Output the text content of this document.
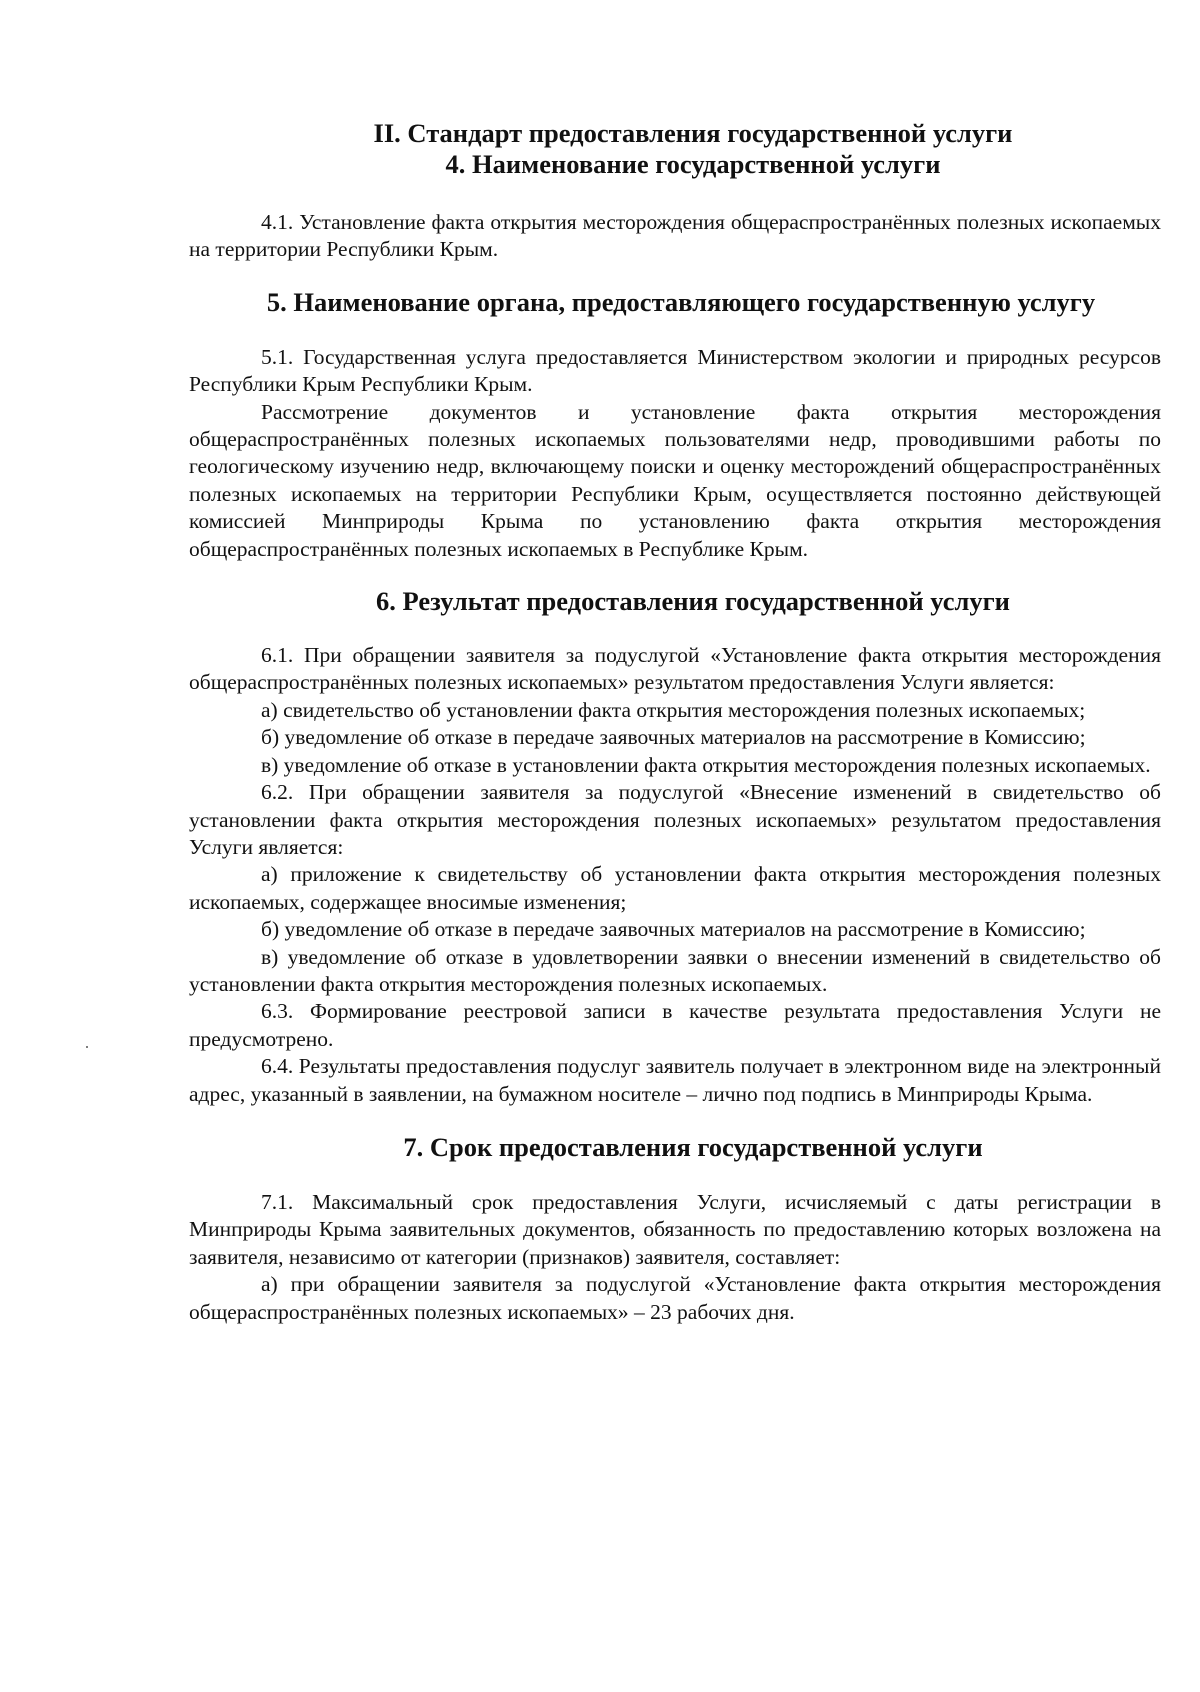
II. Стандарт предоставления государственной услуги
4. Наименование государственной услуги

4.1. Установление факта открытия месторождения общераспространённых полезных ископаемых на территории Республики Крым.

5. Наименование органа, предоставляющего государственную услугу

5.1. Государственная услуга предоставляется Министерством экологии и природных ресурсов Республики Крым Республики Крым.

Рассмотрение документов и установление факта открытия месторождения общераспространённых полезных ископаемых пользователями недр, проводившими работы по геологическому изучению недр, включающему поиски и оценку месторождений общераспространённых полезных ископаемых на территории Республики Крым, осуществляется постоянно действующей комиссией Минприроды Крыма по установлению факта открытия месторождения общераспространённых полезных ископаемых в Республике Крым.

6. Результат предоставления государственной услуги

6.1. При обращении заявителя за подуслугой «Установление факта открытия месторождения общераспространённых полезных ископаемых» результатом предоставления Услуги является:

а) свидетельство об установлении факта открытия месторождения полезных ископаемых;

б) уведомление об отказе в передаче заявочных материалов на рассмотрение в Комиссию;

в) уведомление об отказе в установлении факта открытия месторождения полезных ископаемых.

6.2. При обращении заявителя за подуслугой «Внесение изменений в свидетельство об установлении факта открытия месторождения полезных ископаемых» результатом предоставления Услуги является:

а) приложение к свидетельству об установлении факта открытия месторождения полезных ископаемых, содержащее вносимые изменения;

б) уведомление об отказе в передаче заявочных материалов на рассмотрение в Комиссию;

в) уведомление об отказе в удовлетворении заявки о внесении изменений в свидетельство об установлении факта открытия месторождения полезных ископаемых.

6.3. Формирование реестровой записи в качестве результата предоставления Услуги не предусмотрено.

6.4. Результаты предоставления подуслуг заявитель получает в электронном виде на электронный адрес, указанный в заявлении, на бумажном носителе – лично под подпись в Минприроды Крыма.

7. Срок предоставления государственной услуги

7.1. Максимальный срок предоставления Услуги, исчисляемый с даты регистрации в Минприроды Крыма заявительных документов, обязанность по предоставлению которых возложена на заявителя, независимо от категории (признаков) заявителя, составляет:

а) при обращении заявителя за подуслугой «Установление факта открытия месторождения общераспространённых полезных ископаемых» – 23 рабочих дня.
